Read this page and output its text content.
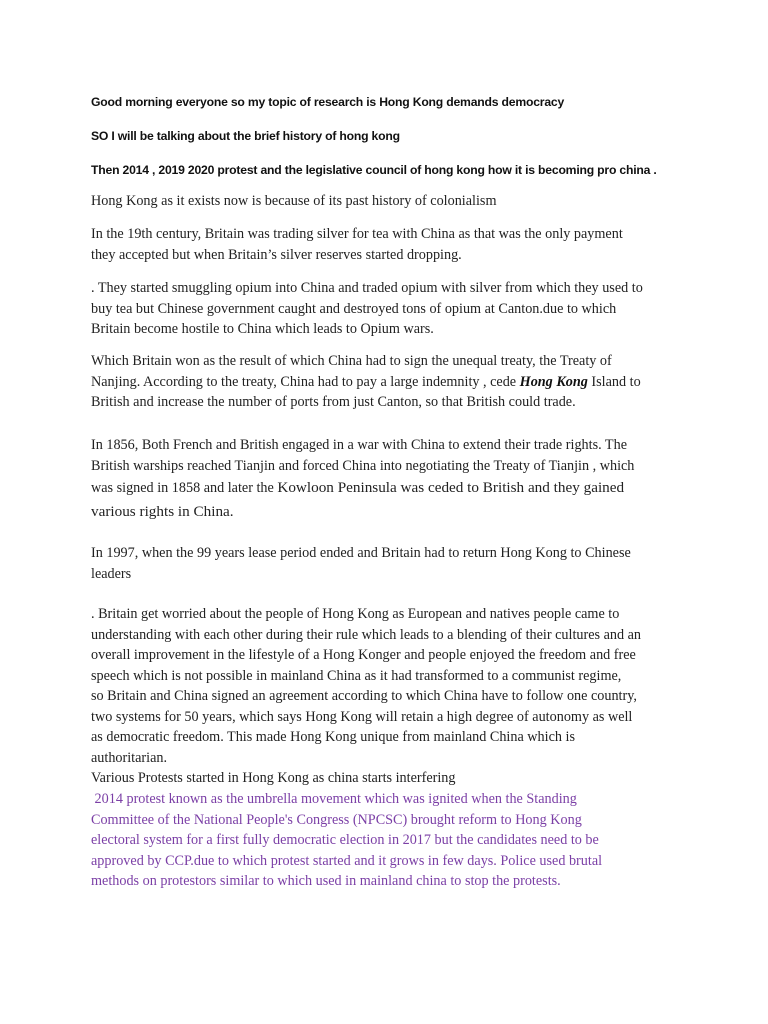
Good morning everyone so my topic of research is Hong Kong demands democracy
SO I will be talking about the brief history of hong kong
Then 2014 , 2019 2020 protest and the legislative council of hong kong how it is becoming pro china .
Hong Kong as it exists now is because of its past history of colonialism
In the 19th century, Britain was trading silver for tea with China as that was the only payment
they accepted but when Britain’s silver reserves started dropping.
. They started smuggling opium into China and traded opium with silver from which they used to
buy tea but Chinese government caught and destroyed tons of opium at Canton.due to which
Britain become hostile to China which leads to Opium wars.
Which Britain won as the result of which China had to sign the unequal treaty, the Treaty of
Nanjing. According to the treaty, China had to pay a large indemnity , cede Hong Kong Island to
British and increase the number of ports from just Canton, so that British could trade.
In 1856, Both French and British engaged in a war with China to extend their trade rights. The
British warships reached Tianjin and forced China into negotiating the Treaty of Tianjin , which
was signed in 1858 and later the Kowloon Peninsula was ceded to British and they gained
various rights in China.
In 1997, when the 99 years lease period ended and Britain had to return Hong Kong to Chinese
leaders
. Britain get worried about the people of Hong Kong as European and natives people came to
understanding with each other during their rule which leads to a blending of their cultures and an
overall improvement in the lifestyle of a Hong Konger and people enjoyed the freedom and free
speech which is not possible in mainland China as it had transformed to a communist regime,
so Britain and China signed an agreement according to which China have to follow one country,
two systems for 50 years, which says Hong Kong will retain a high degree of autonomy as well
as democratic freedom. This made Hong Kong unique from mainland China which is
authoritarian.
Various Protests started in Hong Kong as china starts interfering
2014 protest known as the umbrella movement which was ignited when the Standing
Committee of the National People's Congress (NPCSC) brought reform to Hong Kong
electoral system for a first fully democratic election in 2017 but the candidates need to be
approved by CCP.due to which protest started and it grows in few days. Police used brutal
methods on protestors similar to which used in mainland china to stop the protests.
